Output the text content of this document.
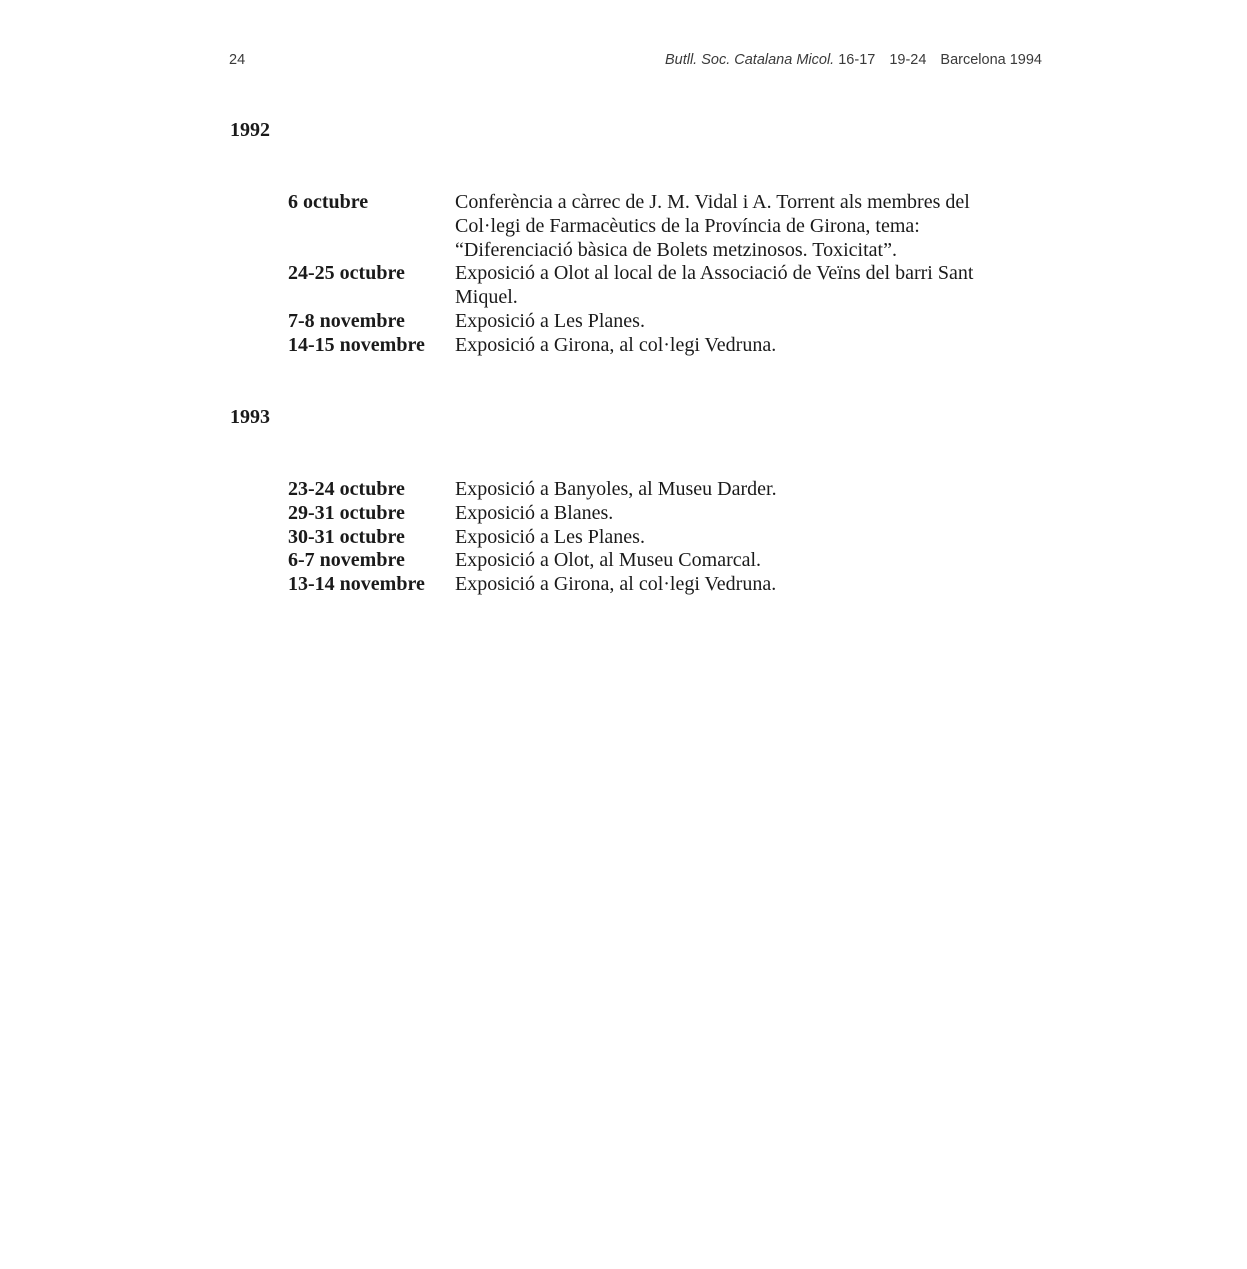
24	Butll. Soc. Catalana Micol. 16-17 19-24 Barcelona 1994
1992
6 octubre	Conferència a càrrec de J. M. Vidal i A. Torrent als membres del Col·legi de Farmacèutics de la Província de Girona, tema: “Diferenciació bàsica de Bolets metzinosos. Toxicitat”.
24-25 octubre	Exposició a Olot al local de la Associació de Veïns del barri Sant Miquel.
7-8 novembre	Exposició a Les Planes.
14-15 novembre	Exposició a Girona, al col·legi Vedruna.
1993
23-24 octubre	Exposició a Banyoles, al Museu Darder.
29-31 octubre	Exposició a Blanes.
30-31 octubre	Exposició a Les Planes.
6-7 novembre	Exposició a Olot, al Museu Comarcal.
13-14 novembre	Exposició a Girona, al col·legi Vedruna.
